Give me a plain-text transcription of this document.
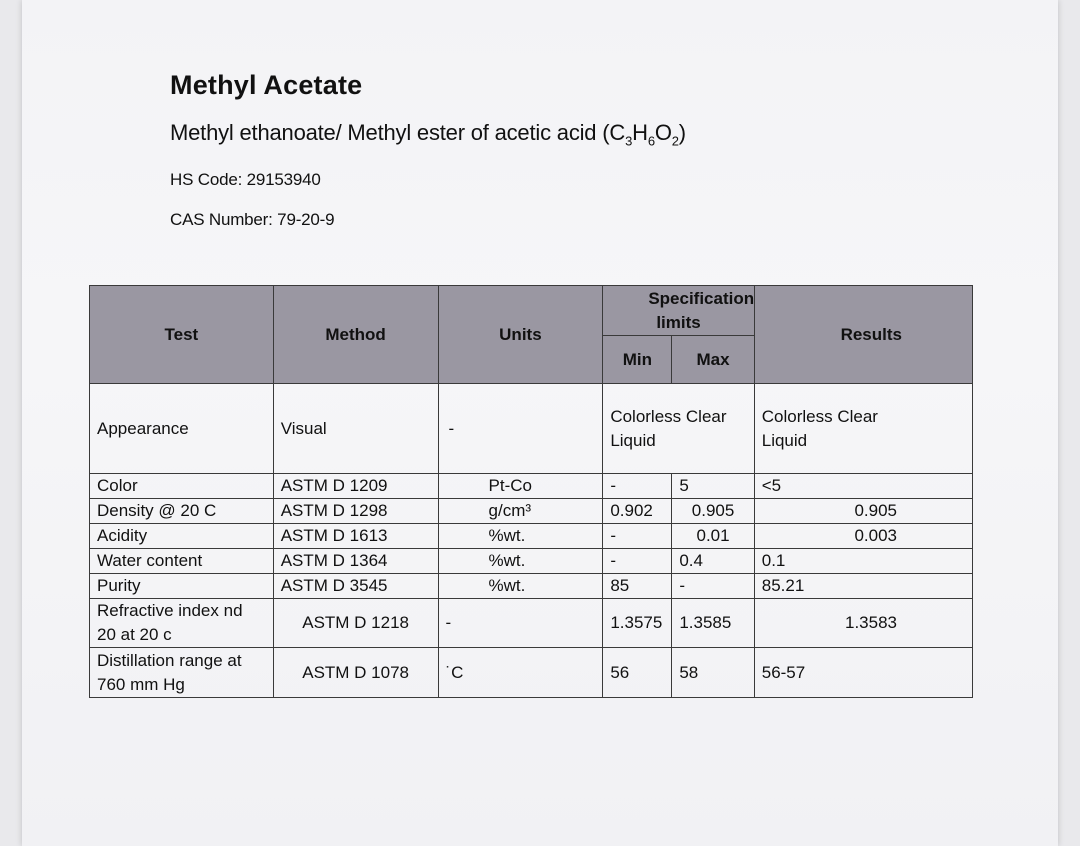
Methyl Acetate
Methyl ethanoate/ Methyl ester of acetic acid $(C_3H_6O_2)$
HS Code: 29153940
CAS Number: 79-20-9
Test	Method	Units	Specification limits		Results
			Min	Max	
Appearance	Visual	-	Colorless Clear Liquid		Colorless Clear Liquid
Color	ASTM D 1209	Pt-Co	-	5	<5
Density @ 20 C	ASTM D 1298	g/cm³	0.902	0.905	0.905
Acidity	ASTM D 1613	%wt.	-	0.01	0.003
Water content	ASTM D 1364	%wt.	-	0.4	0.1
Purity	ASTM D 3545	%wt.	85	-	85.21
Refractive index nd 20 at 20 c	ASTM D 1218	-	1.3575	1.3585	1.3583
Distillation range at 760 mm Hg	ASTM D 1078	˙C	56	58	56-57
